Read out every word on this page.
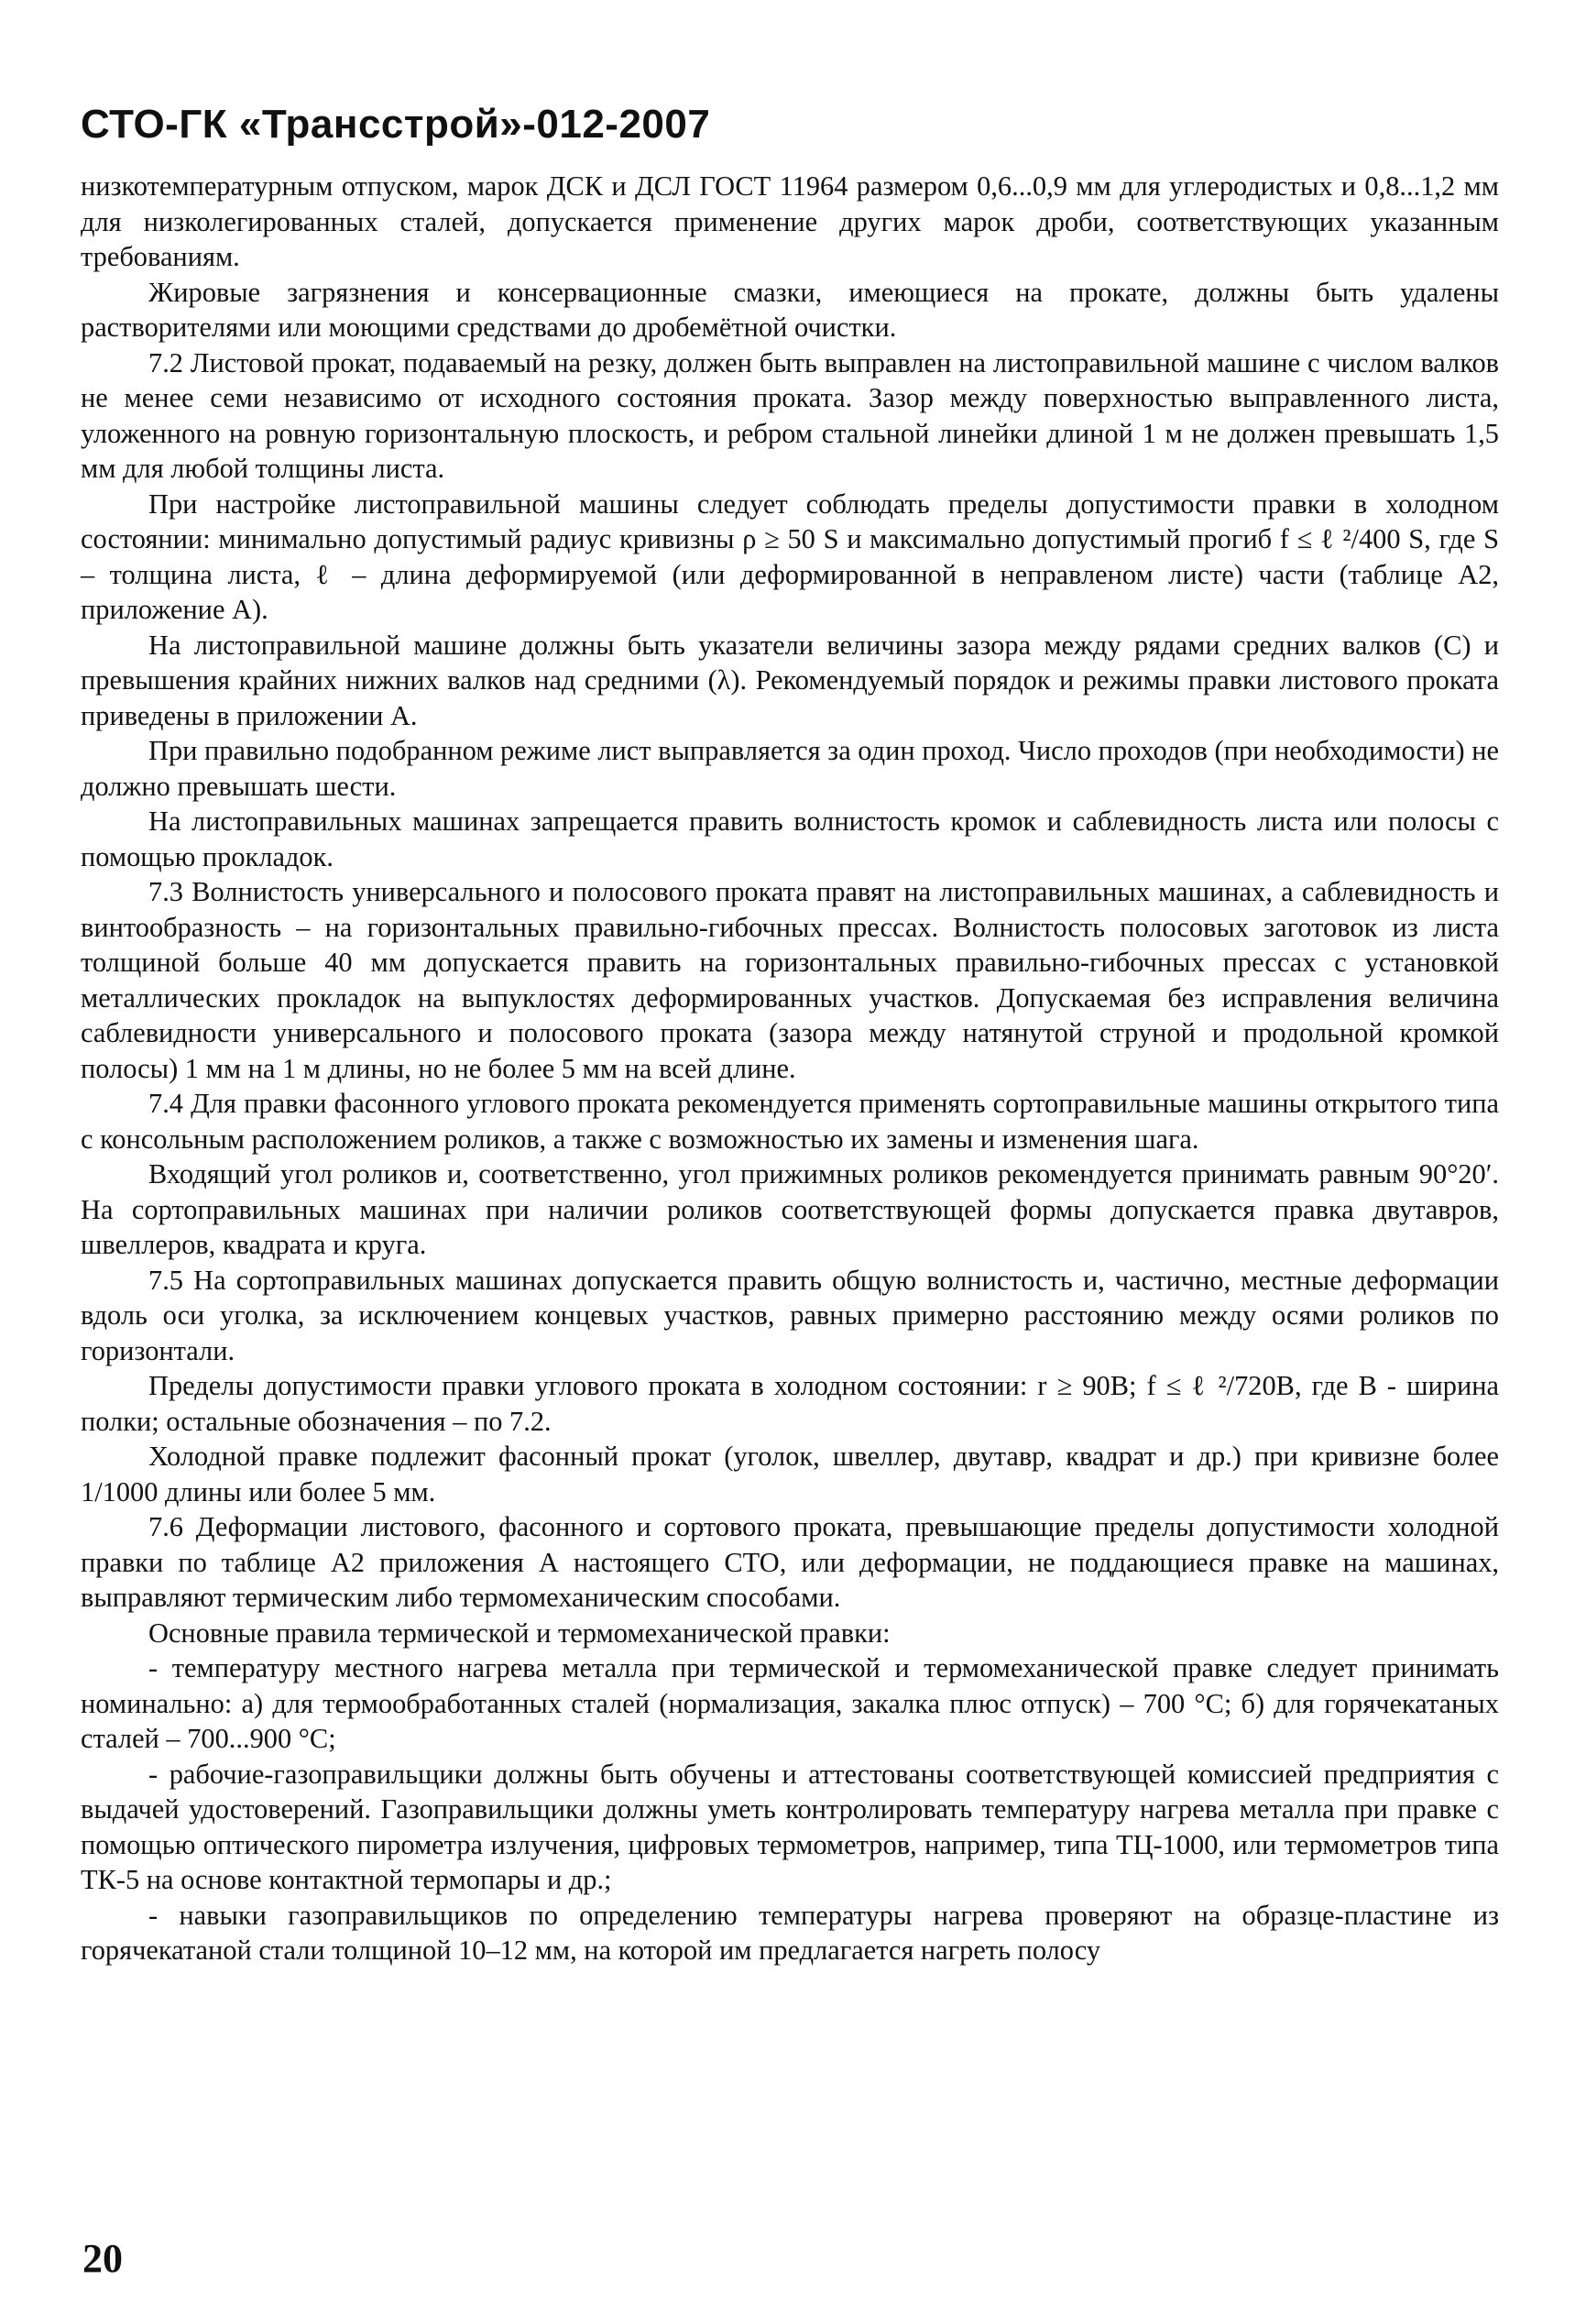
СТО-ГК «Трансстрой»-012-2007

низкотемпературным отпуском, марок ДСК и ДСЛ ГОСТ 11964 размером 0,6...0,9 мм для углеродистых и 0,8...1,2 мм для низколегированных сталей, допускается применение других марок дроби, соответствующих указанным требованиям.

Жировые загрязнения и консервационные смазки, имеющиеся на прокате, должны быть удалены растворителями или моющими средствами до дробемётной очистки.

7.2 Листовой прокат, подаваемый на резку, должен быть выправлен на листоправильной машине с числом валков не менее семи независимо от исходного состояния проката. Зазор между поверхностью выправленного листа, уложенного на ровную горизонтальную плоскость, и ребром стальной линейки длиной 1 м не должен превышать 1,5 мм для любой толщины листа.

При настройке листоправильной машины следует соблюдать пределы допустимости правки в холодном состоянии: минимально допустимый радиус кривизны ρ ≥ 50 S и максимально допустимый прогиб f ≤ ℓ ²/400 S, где S – толщина листа, ℓ – длина деформируемой (или деформированной в неправленом листе) части (таблице А2, приложение А).

На листоправильной машине должны быть указатели величины зазора между рядами средних валков (С) и превышения крайних нижних валков над средними (λ). Рекомендуемый порядок и режимы правки листового проката приведены в приложении А.

При правильно подобранном режиме лист выправляется за один проход. Число проходов (при необходимости) не должно превышать шести.

На листоправильных машинах запрещается править волнистость кромок и саблевидность листа или полосы с помощью прокладок.

7.3 Волнистость универсального и полосового проката правят на листоправильных машинах, а саблевидность и винтообразность – на горизонтальных правильно-гибочных прессах. Волнистость полосовых заготовок из листа толщиной больше 40 мм допускается править на горизонтальных правильно-гибочных прессах с установкой металлических прокладок на выпуклостях деформированных участков. Допускаемая без исправления величина саблевидности универсального и полосового проката (зазора между натянутой струной и продольной кромкой полосы) 1 мм на 1 м длины, но не более 5 мм на всей длине.

7.4 Для правки фасонного углового проката рекомендуется применять сортоправильные машины открытого типа с консольным расположением роликов, а также с возможностью их замены и изменения шага.

Входящий угол роликов и, соответственно, угол прижимных роликов рекомендуется принимать равным 90°20′. На сортоправильных машинах при наличии роликов соответствующей формы допускается правка двутавров, швеллеров, квадрата и круга.

7.5 На сортоправильных машинах допускается править общую волнистость и, частично, местные деформации вдоль оси уголка, за исключением концевых участков, равных примерно расстоянию между осями роликов по горизонтали.

Пределы допустимости правки углового проката в холодном состоянии: r ≥ 90B; f ≤ ℓ ²/720B, где B - ширина полки; остальные обозначения – по 7.2.

Холодной правке подлежит фасонный прокат (уголок, швеллер, двутавр, квадрат и др.) при кривизне более 1/1000 длины или более 5 мм.

7.6 Деформации листового, фасонного и сортового проката, превышающие пределы допустимости холодной правки по таблице А2 приложения А настоящего СТО, или деформации, не поддающиеся правке на машинах, выправляют термическим либо термомеханическим способами.

Основные правила термической и термомеханической правки:

- температуру местного нагрева металла при термической и термомеханической правке следует принимать номинально: а) для термообработанных сталей (нормализация, закалка плюс отпуск) – 700 °С; б) для горячекатаных сталей – 700...900 °С;

- рабочие-газоправильщики должны быть обучены и аттестованы соответствующей комиссией предприятия с выдачей удостоверений. Газоправильщики должны уметь контролировать температуру нагрева металла при правке с помощью оптического пирометра излучения, цифровых термометров, например, типа ТЦ-1000, или термометров типа ТК-5 на основе контактной термопары и др.;

- навыки газоправильщиков по определению температуры нагрева проверяют на образце-пластине из горячекатаной стали толщиной 10–12 мм, на которой им предлагается нагреть полосу

20
